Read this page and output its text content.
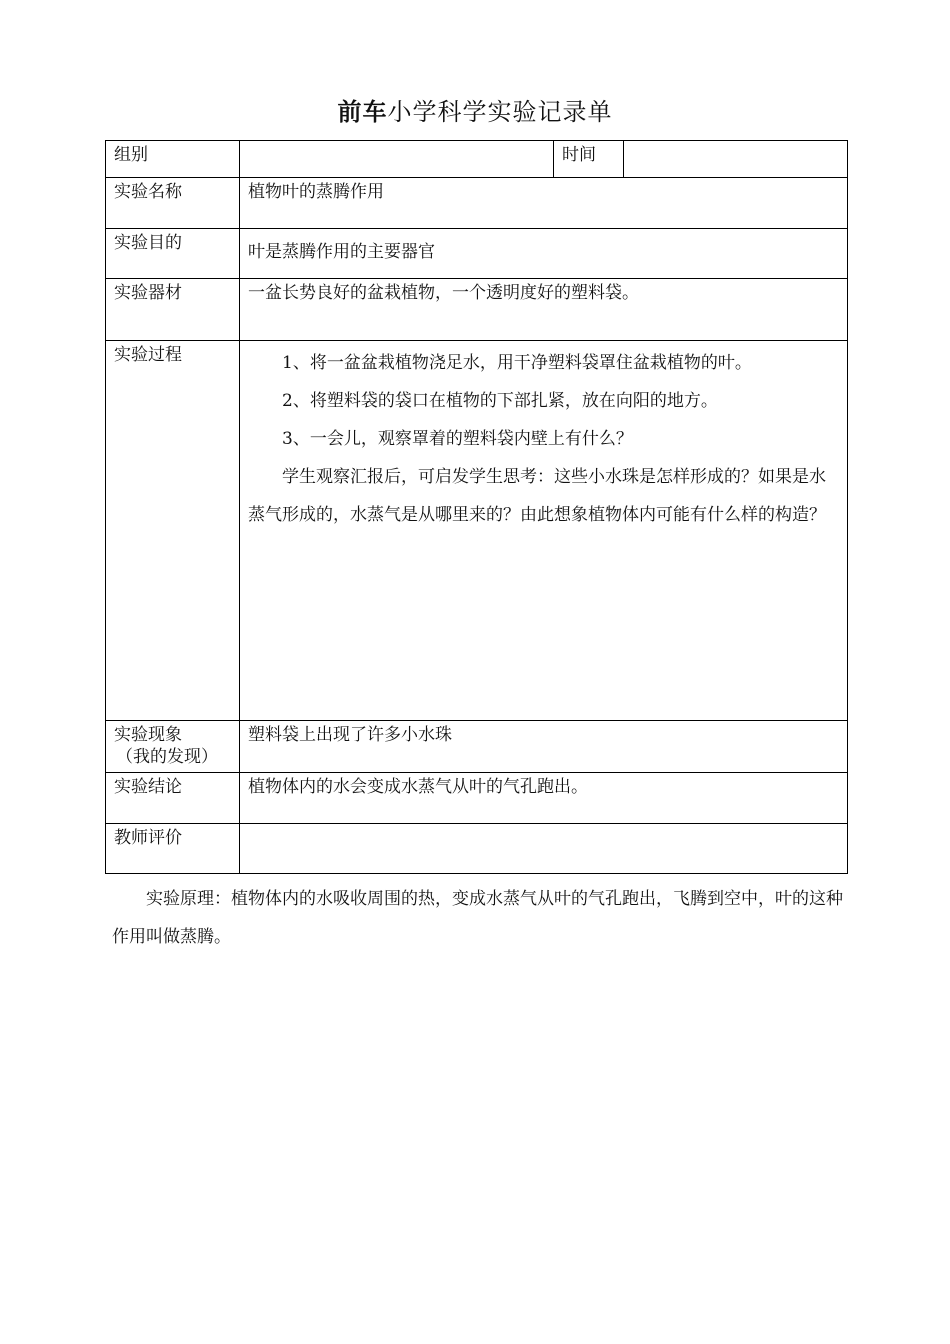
前车小学科学实验记录单
组别		时间	
实验名称	植物叶的蒸腾作用		
实验目的	叶是蒸腾作用的主要器官		

实验器材	一盆长势良好的盆栽植物，一个透明度好的塑料袋。		
实验过程	1、将一盆盆栽植物浇足水，用干净塑料袋罩住盆栽植物的叶。

2、将塑料袋的袋口在植物的下部扎紧，放在向阳的地方。

3、一会儿，观察罩着的塑料袋内壁上有什么？

学生观察汇报后，可启发学生思考：这些小水珠是怎样形成的？如果是水蒸气形成的，水蒸气是从哪里来的？由此想象植物体内可能有什么样的构造？		

实验现象
（我的发现）	塑料袋上出现了许多小水珠		
实验结论	植物体内的水会变成水蒸气从叶的气孔跑出。		
教师评价			

实验原理：植物体内的水吸收周围的热，变成水蒸气从叶的气孔跑出，飞腾到空中，叶的这种作用叫做蒸腾。
